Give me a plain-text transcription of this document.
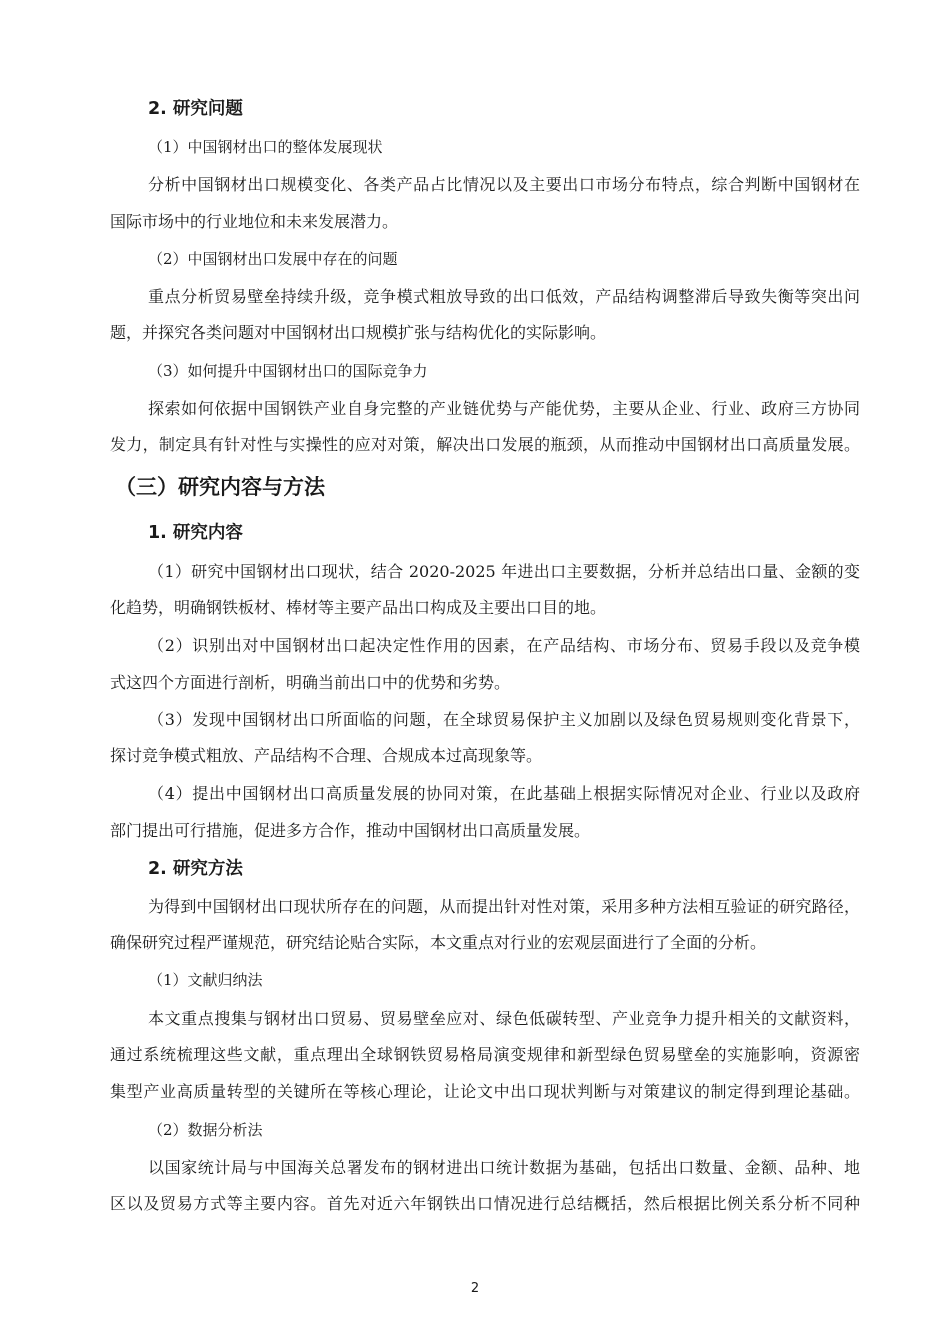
2. 研究问题
（1）中国钢材出口的整体发展现状
分析中国钢材出口规模变化、各类产品占比情况以及主要出口市场分布特点，综合判断中国钢材在
国际市场中的行业地位和未来发展潜力。
（2）中国钢材出口发展中存在的问题
重点分析贸易壁垒持续升级，竞争模式粗放导致的出口低效，产品结构调整滞后导致失衡等突出问
题，并探究各类问题对中国钢材出口规模扩张与结构优化的实际影响。
（3）如何提升中国钢材出口的国际竞争力
探索如何依据中国钢铁产业自身完整的产业链优势与产能优势，主要从企业、行业、政府三方协同
发力，制定具有针对性与实操性的应对对策，解决出口发展的瓶颈，从而推动中国钢材出口高质量发展。
（三）研究内容与方法
1. 研究内容
（1）研究中国钢材出口现状，结合 2020-2025 年进出口主要数据，分析并总结出口量、金额的变
化趋势，明确钢铁板材、棒材等主要产品出口构成及主要出口目的地。
（2）识别出对中国钢材出口起决定性作用的因素，在产品结构、市场分布、贸易手段以及竞争模
式这四个方面进行剖析，明确当前出口中的优势和劣势。
（3）发现中国钢材出口所面临的问题，在全球贸易保护主义加剧以及绿色贸易规则变化背景下，
探讨竞争模式粗放、产品结构不合理、合规成本过高现象等。
（4）提出中国钢材出口高质量发展的协同对策，在此基础上根据实际情况对企业、行业以及政府
部门提出可行措施，促进多方合作，推动中国钢材出口高质量发展。
2. 研究方法
为得到中国钢材出口现状所存在的问题，从而提出针对性对策，采用多种方法相互验证的研究路径，
确保研究过程严谨规范，研究结论贴合实际，本文重点对行业的宏观层面进行了全面的分析。
（1）文献归纳法
本文重点搜集与钢材出口贸易、贸易壁垒应对、绿色低碳转型、产业竞争力提升相关的文献资料，
通过系统梳理这些文献，重点理出全球钢铁贸易格局演变规律和新型绿色贸易壁垒的实施影响，资源密
集型产业高质量转型的关键所在等核心理论，让论文中出口现状判断与对策建议的制定得到理论基础。
（2）数据分析法
以国家统计局与中国海关总署发布的钢材进出口统计数据为基础，包括出口数量、金额、品种、地
区以及贸易方式等主要内容。首先对近六年钢铁出口情况进行总结概括，然后根据比例关系分析不同种
2
